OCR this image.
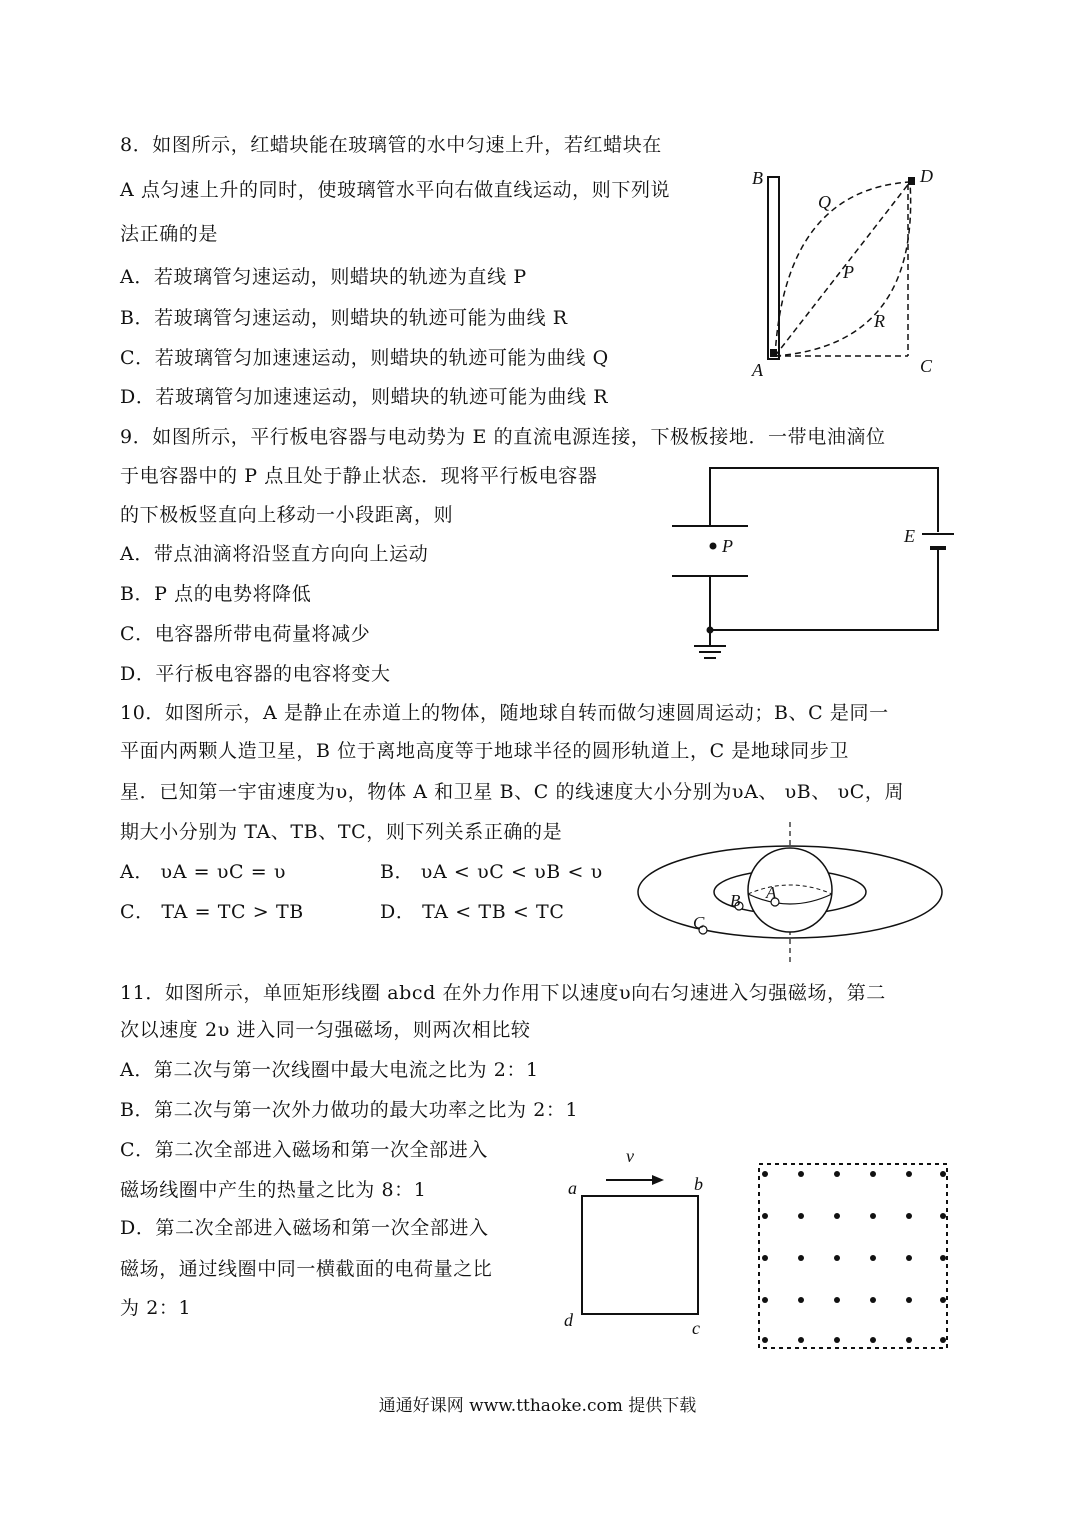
8．如图所示，红蜡块能在玻璃管的水中匀速上升，若红蜡块在
A 点匀速上升的同时，使玻璃管水平向右做直线运动，则下列说
法正确的是
A．若玻璃管匀速运动，则蜡块的轨迹为直线 P
B．若玻璃管匀速运动，则蜡块的轨迹可能为曲线 R
C．若玻璃管匀加速速运动，则蜡块的轨迹可能为曲线 Q
D．若玻璃管匀加速速运动，则蜡块的轨迹可能为曲线 R
B	D
Q
P
R
A	C
9．如图所示，平行板电容器与电动势为 E 的直流电源连接，下极板接地．一带电油滴位
于电容器中的 P 点且处于静止状态．现将平行板电容器
的下极板竖直向上移动一小段距离，则
A．带点油滴将沿竖直方向向上运动
B．P 点的电势将降低
C．电容器所带电荷量将减少
D．平行板电容器的电容将变大
P	E
10．如图所示，A 是静止在赤道上的物体，随地球自转而做匀速圆周运动；B、C 是同一
平面内两颗人造卫星，B 位于离地高度等于地球半径的圆形轨道上，C 是地球同步卫
星．已知第一宇宙速度为υ，物体 A 和卫星 B、C 的线速度大小分别为υA、 υB、 υC，周
期大小分别为 TA、TB、TC，则下列关系正确的是
A． υA = υC = υ	B． υA < υC < υB < υ
C． TA = TC > TB	D． TA < TB < TC
A
B
C
11．如图所示，单匝矩形线圈 abcd 在外力作用下以速度υ向右匀速进入匀强磁场，第二
次以速度 2υ 进入同一匀强磁场，则两次相比较
A．第二次与第一次线圈中最大电流之比为 2：1
B．第二次与第一次外力做功的最大功率之比为 2：1
C．第二次全部进入磁场和第一次全部进入
磁场线圈中产生的热量之比为 8：1
D．第二次全部进入磁场和第一次全部进入
磁场，通过线圈中同一横截面的电荷量之比
为 2：1
v
a	b
c
d
通通好课网 www.tthaoke.com 提供下载
